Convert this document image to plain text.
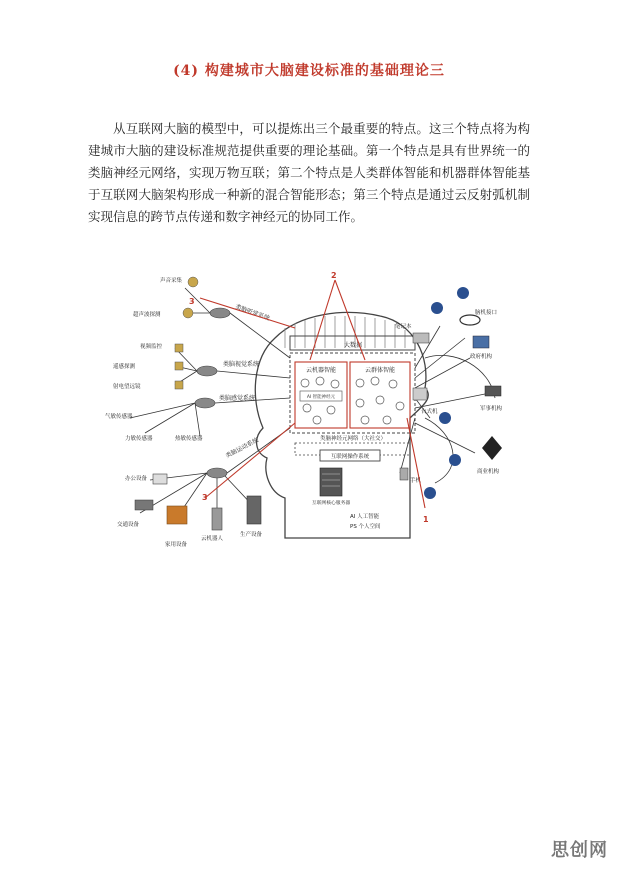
(4) 构建城市大脑建设标准的基础理论三
从互联网大脑的模型中，可以提炼出三个最重要的特点。这三个特点将为构建城市大脑的建设标准规范提供重要的理论基础。第一个特点是具有世界统一的类脑神经元网络，实现万物互联；第二个特点是人类群体智能和机器群体智能基于互联网大脑架构形成一种新的混合智能形态；第三个特点是通过云反射弧机制实现信息的跨节点传递和数字神经元的协同工作。
大数据
云机器智能	云群体智能
AI 智能神经元
类脑神经元网络（大社交）
互联网操作系统
互联网核心服务器
声音采集
超声波探测
视频监控
遥感探测
射电望远镜
气敏传感器
力敏传感器	热敏传感器
办公设备
交通设备
家用设备
云机器人
生产设备
类脑听觉系统
类脑视觉系统
类脑感觉系统
类脑运动系统
笔记本
脑机接口
政府机构
台式机	军事机构
手机
商业机构
AI 人工智能
PS 个人空间
2
3
3
1
思创网
